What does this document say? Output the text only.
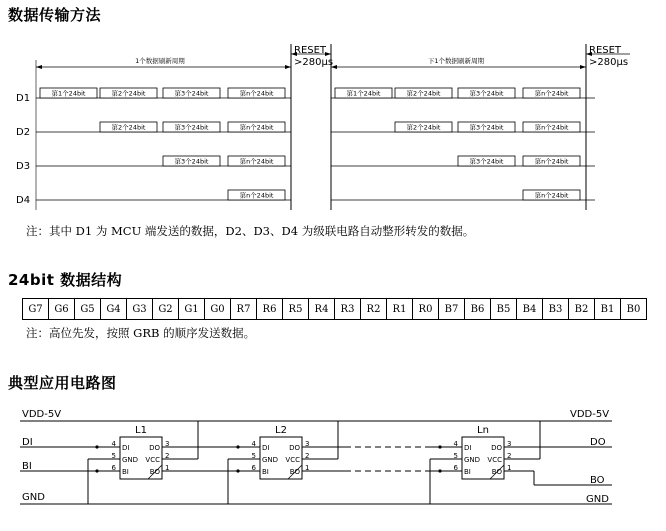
数据传输方法
1个数据刷新周期	下1个数据刷新周期
RESET
>280μs
RESET
>280μs
D1
D2
D3
D4
第1个24bit	第2个24bit	第3个24bit	第n个24bit	第1个24bit	第2个24bit	第3个24bit	第n个24bit
第2个24bit	第3个24bit	第n个24bit	第2个24bit	第3个24bit	第n个24bit
第3个24bit	第n个24bit	第3个24bit	第n个24bit
第n个24bit	第n个24bit
注：其中 D1 为 MCU 端发送的数据，D2、D3、D4 为级联电路自动整形转发的数据。
24bit 数据结构
G7	G6	G5	G4	G3	G2	G1	G0	R7	R6	R5	R4	R3	R2	R1	R0	B7	B6	B5	B4	B3	B2	B1	B0
注：高位先发，按照 GRB 的顺序发送数据。
典型应用电路图
VDD-5V	VDD-5V
DI
BI
GND
DO
BO
GND
L1
DI	DO
4	3
GND VCC
5	2
BI	BO
6	1
L2
DI	DO
4	3
GND VCC
5	2
BI	BO
6	1
Ln
DI	DO
4	3
GND VCC
5	2
BI	BO
6	1
